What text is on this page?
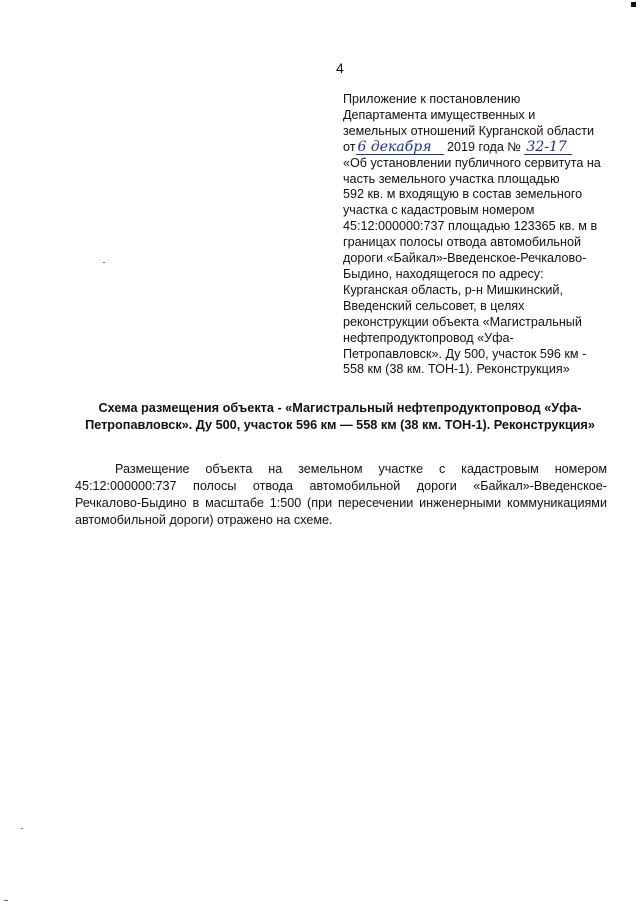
4
Приложение к постановлению
Департамента имущественных и
земельных отношений Курганской области
от 6 декабря 2019 года № 32-17
«Об установлении публичного сервитута на
часть земельного участка площадью
592 кв. м входящую в состав земельного
участка с кадастровым номером
45:12:000000:737 площадью 123365 кв. м в
границах полосы отвода автомобильной
дороги «Байкал»-Введенское-Речкалово-
Быдино, находящегося по адресу:
Курганская область, р-н Мишкинский,
Введенский сельсовет, в целях
реконструкции объекта «Магистральный
нефтепродуктопровод «Уфа-
Петропавловск». Ду 500, участок 596 км -
558 км (38 км. ТОН-1). Реконструкция»
Схема размещения объекта - «Магистральный нефтепродуктопровод «Уфа-Петропавловск». Ду 500, участок 596 км — 558 км (38 км. ТОН-1). Реконструкция»
Размещение объекта на земельном участке с кадастровым номером 45:12:000000:737 полосы отвода автомобильной дороги «Байкал»-Введенское-Речкалово-Быдино в масштабе 1:500 (при пересечении инженерными коммуникациями автомобильной дороги) отражено на схеме.
